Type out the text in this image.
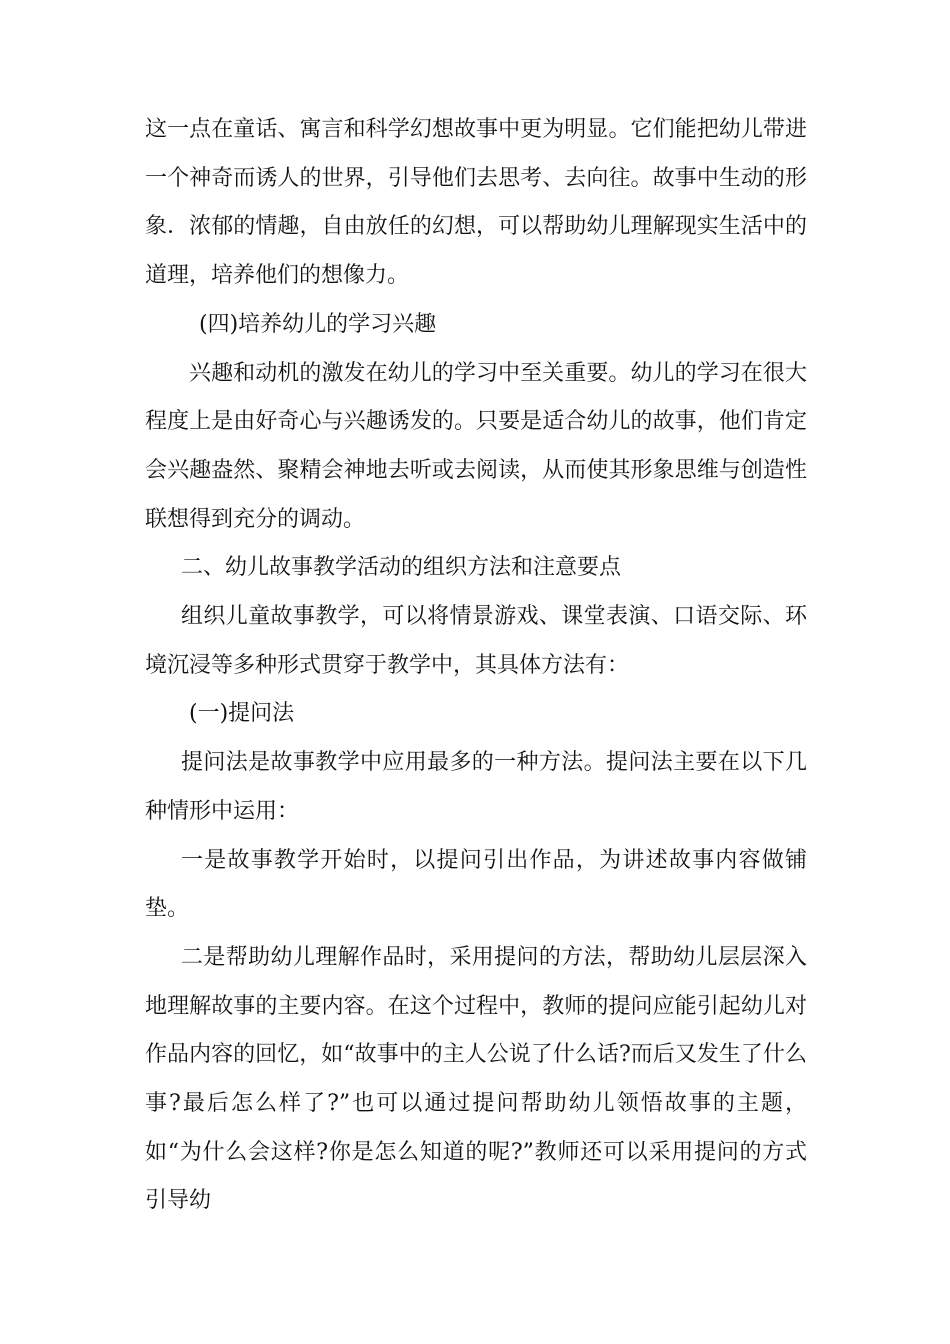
这一点在童话、寓言和科学幻想故事中更为明显。它们能把幼儿带进一个神奇而诱人的世界，引导他们去思考、去向往。故事中生动的形象．浓郁的情趣，自由放任的幻想，可以帮助幼儿理解现实生活中的道理，培养他们的想像力。

(四)培养幼儿的学习兴趣

兴趣和动机的激发在幼儿的学习中至关重要。幼儿的学习在很大程度上是由好奇心与兴趣诱发的。只要是适合幼儿的故事，他们肯定会兴趣盎然、聚精会神地去听或去阅读，从而使其形象思维与创造性联想得到充分的调动。

二、幼儿故事教学活动的组织方法和注意要点

组织儿童故事教学，可以将情景游戏、课堂表演、口语交际、环境沉浸等多种形式贯穿于教学中，其具体方法有：

(一)提问法

提问法是故事教学中应用最多的一种方法。提问法主要在以下几种情形中运用：

一是故事教学开始时，以提问引出作品，为讲述故事内容做铺垫。

二是帮助幼儿理解作品时，采用提问的方法，帮助幼儿层层深入地理解故事的主要内容。在这个过程中，教师的提问应能引起幼儿对作品内容的回忆，如“故事中的主人公说了什么话?而后又发生了什么事?最后怎么样了?”也可以通过提问帮助幼儿领悟故事的主题，如“为什么会这样?你是怎么知道的呢?”教师还可以采用提问的方式引导幼
